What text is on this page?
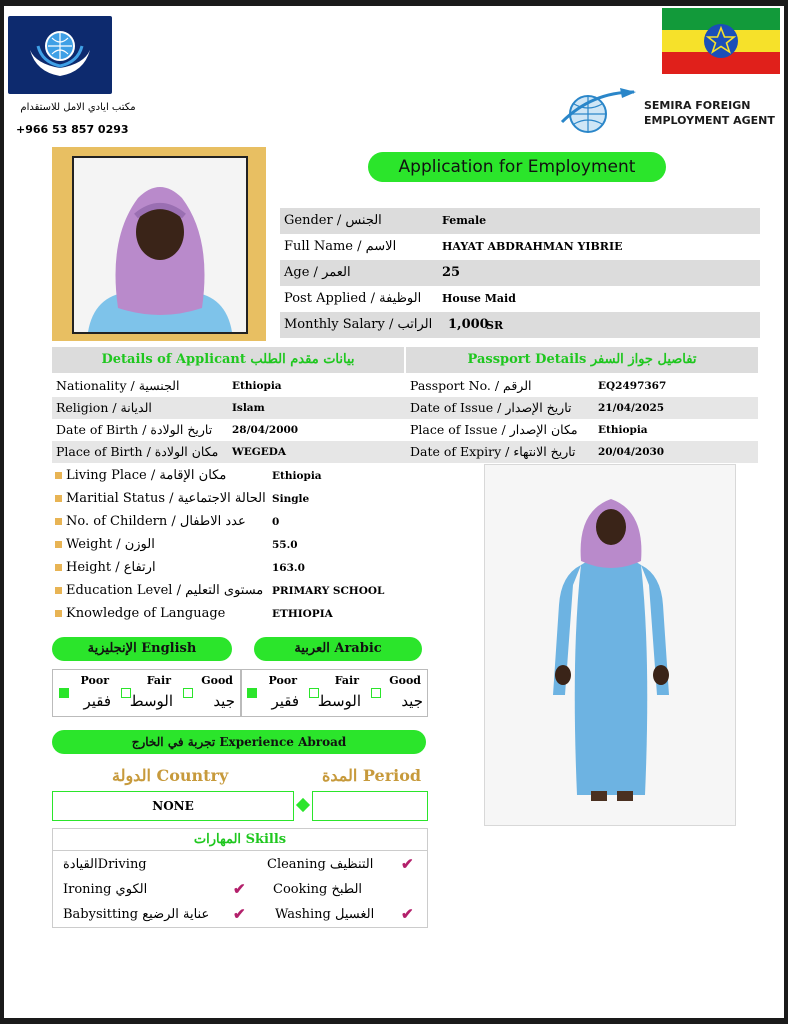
مكتب ايادي الامل للاستقدام
+966 53 857 0293
SEMIRA FOREIGN
EMPLOYMENT AGENT
Application for Employment
Gender / الجنس	Female
Full Name / الاسم	HAYAT ABDRAHMAN YIBRIE
Age / العمر	25
Post Applied / الوظيفة House Maid
Monthly Salary / الراتب 1,000
SR
Details of Applicant بيانات مقدم الطلب	Passport Details تفاصيل جواز السفر
Nationality / الجنسية	Ethiopia	Passport No. / الرقم	EQ2497367
Religion / الديانة	Islam	Date of Issue / تاريخ الإصدار	21/04/2025
Date of Birth / تاريخ الولادة 28/04/2000	Place of Issue / مكان الإصدار Ethiopia
Place of Birth / مكان الولادة WEGEDA	Date of Expiry / تاريخ الانتهاء 20/04/2030
Living Place / مكان الإقامة	Ethiopia
Maritial Status / الحالة الاجتماعية Single
No. of Childern / عدد الاطفال	0
Weight / الوزن	55.0
Height / ارتفاع	163.0
Education Level / مستوى التعليم PRIMARY SCHOOL
Knowledge of Language	ETHIOPIA
الإنجليزية English	العربية Arabic
Poor
فقير
Fair
الوسط
Good
جيد
Poor
فقير
Fair
الوسط
Good
جيد
تجربة في الخارج Experience Abroad
الدولة Country	المدة Period
NONE
المهارات Skills
القيادةDriving	Cleaning التنظيف ✔
Ironing الكوي	✔ Cooking الطبخ
Babysitting عناية الرضيع ✔ Washing الغسيل ✔
